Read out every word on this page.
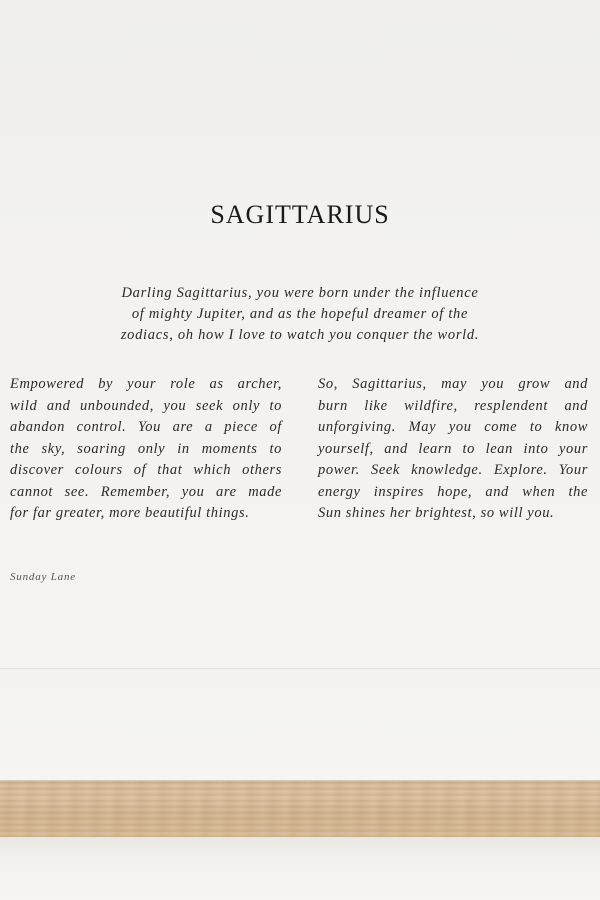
SAGITTARIUS
Darling Sagittarius, you were born under the influence
of mighty Jupiter, and as the hopeful dreamer of the
zodiacs, oh how I love to watch you conquer the world.
Empowered by your role as archer,
wild and unbounded, you seek only to
abandon control. You are a piece of
the sky, soaring only in moments to
discover colours of that which others
cannot see. Remember, you are made
for far greater, more beautiful things.
So, Sagittarius, may you grow and
burn like wildfire, resplendent and
unforgiving. May you come to know
yourself, and learn to lean into your
power. Seek knowledge. Explore. Your
energy inspires hope, and when the
Sun shines her brightest, so will you.
Sunday Lane
